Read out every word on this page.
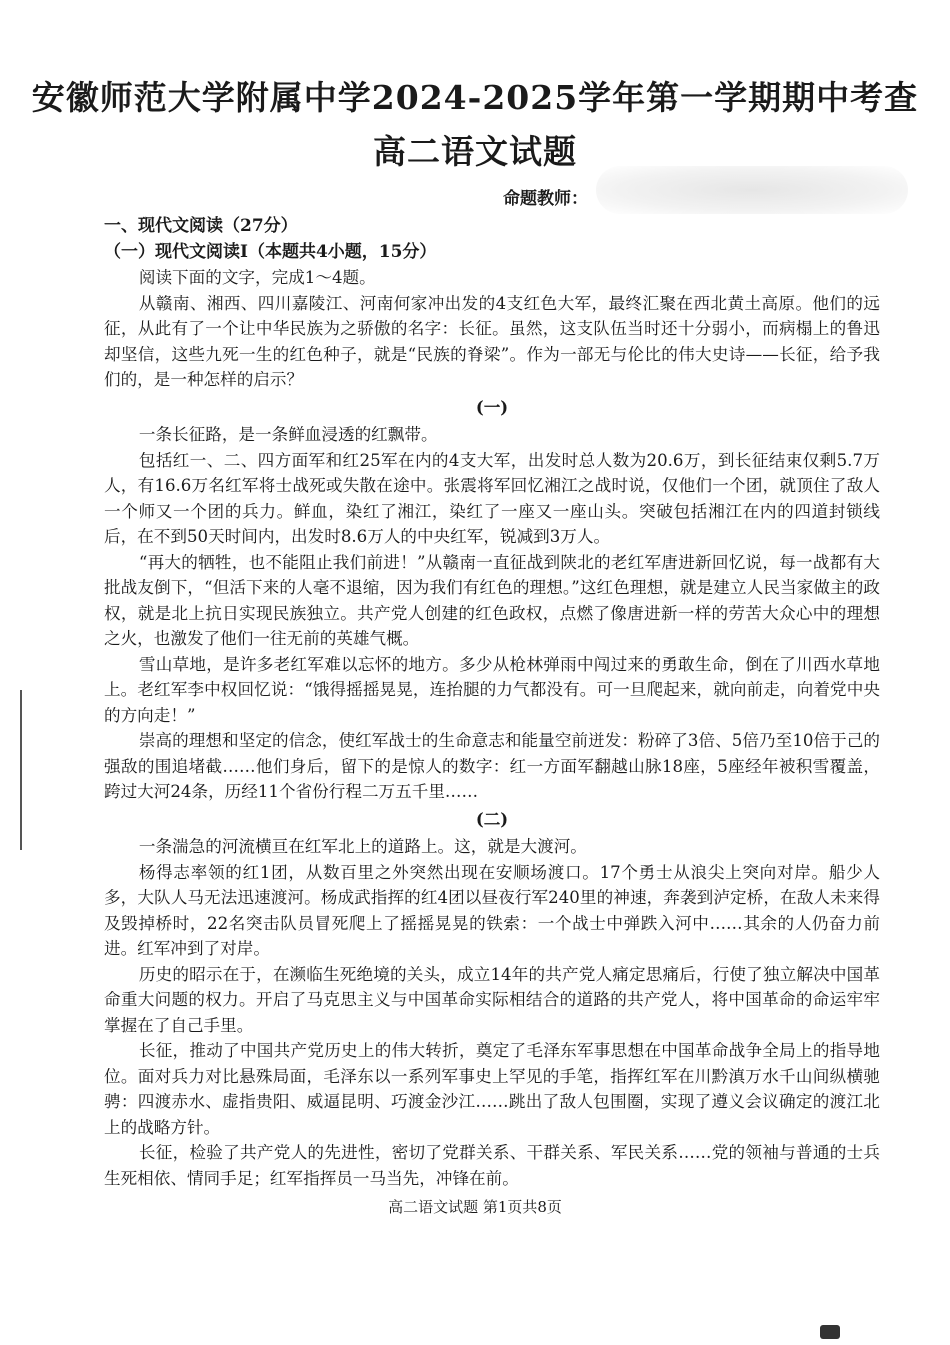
安徽师范大学附属中学2024-2025学年第一学期期中考查
高二语文试题
命题教师：

一、现代文阅读（27分）

（一）现代文阅读Ⅰ（本题共4小题，15分）

阅读下面的文字，完成1～4题。

从赣南、湘西、四川嘉陵江、河南何家冲出发的4支红色大军，最终汇聚在西北黄土高原。他们的远征，从此有了一个让中华民族为之骄傲的名字：长征。虽然，这支队伍当时还十分弱小，而病榻上的鲁迅却坚信，这些九死一生的红色种子，就是“民族的脊梁”。作为一部无与伦比的伟大史诗——长征，给予我们的，是一种怎样的启示？

(一)

一条长征路，是一条鲜血浸透的红飘带。

包括红一、二、四方面军和红25军在内的4支大军，出发时总人数为20.6万，到长征结束仅剩5.7万人，有16.6万名红军将士战死或失散在途中。张震将军回忆湘江之战时说，仅他们一个团，就顶住了敌人一个师又一个团的兵力。鲜血，染红了湘江，染红了一座又一座山头。突破包括湘江在内的四道封锁线后，在不到50天时间内，出发时8.6万人的中央红军，锐减到3万人。

“再大的牺牲，也不能阻止我们前进！”从赣南一直征战到陕北的老红军唐进新回忆说，每一战都有大批战友倒下，“但活下来的人毫不退缩，因为我们有红色的理想。”这红色理想，就是建立人民当家做主的政权，就是北上抗日实现民族独立。共产党人创建的红色政权，点燃了像唐进新一样的劳苦大众心中的理想之火，也激发了他们一往无前的英雄气概。

雪山草地，是许多老红军难以忘怀的地方。多少从枪林弹雨中闯过来的勇敢生命，倒在了川西水草地上。老红军李中权回忆说：“饿得摇摇晃晃，连抬腿的力气都没有。可一旦爬起来，就向前走，向着党中央的方向走！”

崇高的理想和坚定的信念，使红军战士的生命意志和能量空前迸发：粉碎了3倍、5倍乃至10倍于己的强敌的围追堵截……他们身后，留下的是惊人的数字：红一方面军翻越山脉18座，5座经年被积雪覆盖，跨过大河24条，历经11个省份行程二万五千里……

(二)

一条湍急的河流横亘在红军北上的道路上。这，就是大渡河。

杨得志率领的红1团，从数百里之外突然出现在安顺场渡口。17个勇士从浪尖上突向对岸。船少人多，大队人马无法迅速渡河。杨成武指挥的红4团以昼夜行军240里的神速，奔袭到泸定桥，在敌人未来得及毁掉桥时，22名突击队员冒死爬上了摇摇晃晃的铁索：一个战士中弹跌入河中……其余的人仍奋力前进。红军冲到了对岸。

历史的昭示在于，在濒临生死绝境的关头，成立14年的共产党人痛定思痛后，行使了独立解决中国革命重大问题的权力。开启了马克思主义与中国革命实际相结合的道路的共产党人，将中国革命的命运牢牢掌握在了自己手里。

长征，推动了中国共产党历史上的伟大转折，奠定了毛泽东军事思想在中国革命战争全局上的指导地位。面对兵力对比悬殊局面，毛泽东以一系列军事史上罕见的手笔，指挥红军在川黔滇万水千山间纵横驰骋：四渡赤水、虚指贵阳、威逼昆明、巧渡金沙江……跳出了敌人包围圈，实现了遵义会议确定的渡江北上的战略方针。

长征，检验了共产党人的先进性，密切了党群关系、干群关系、军民关系……党的领袖与普通的士兵生死相依、情同手足；红军指挥员一马当先，冲锋在前。

高二语文试题 第1页共8页
